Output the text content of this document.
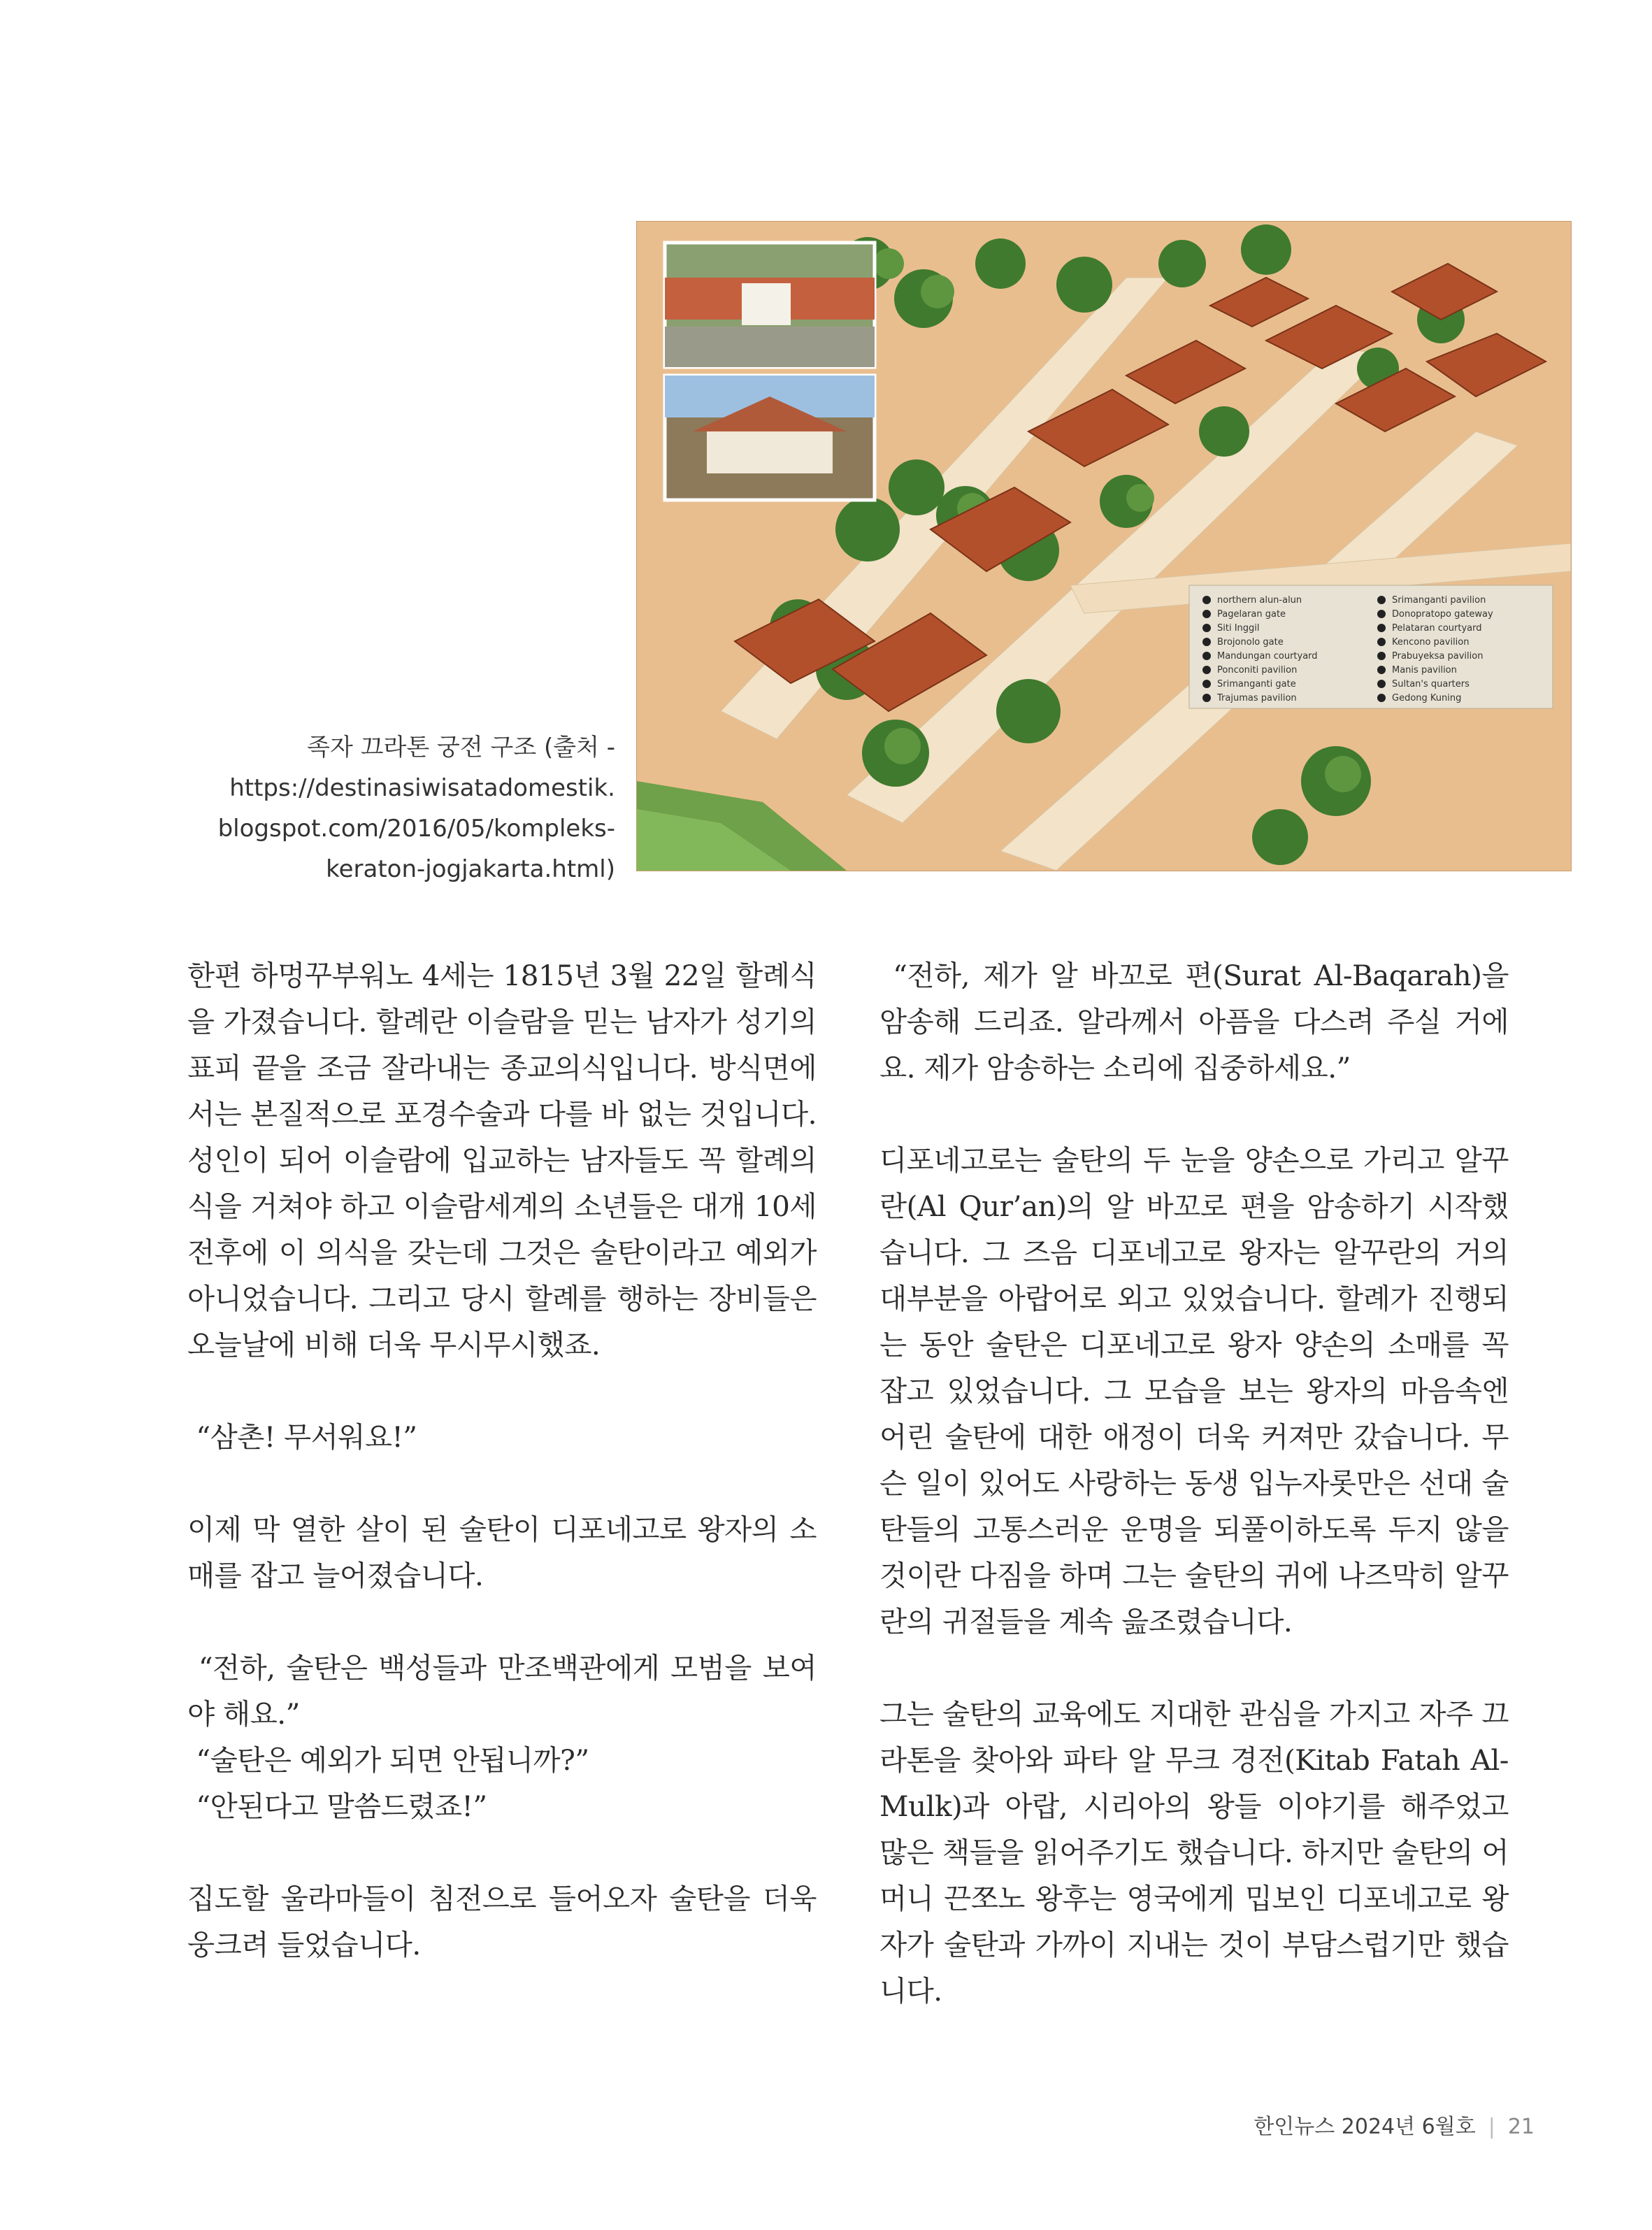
northern alun-alun
Pagelaran gate
Siti Inggil
Brojonolo gate
Mandungan courtyard
Ponconiti pavilion
Srimanganti gate
Trajumas pavilion
Srimanganti pavilion
Donopratopo gateway
Pelataran courtyard
Kencono pavilion
Prabuyeksa pavilion
Manis pavilion
Sultan's quarters
Gedong Kuning
족자 끄라톤 궁전 구조 (출처 -
https://destinasiwisatadomestik.
blogspot.com/2016/05/kompleks-
keraton-jogjakarta.html)

한편 하멍꾸부워노 4세는 1815년 3월 22일 할례식을 가졌습니다. 할례란 이슬람을 믿는 남자가 성기의 표피 끝을 조금 잘라내는 종교의식입니다. 방식면에서는 본질적으로 포경수술과 다를 바 없는 것입니다. 성인이 되어 이슬람에 입교하는 남자들도 꼭 할례의식을 거쳐야 하고 이슬람세계의 소년들은 대개 10세 전후에 이 의식을 갖는데 그것은 술탄이라고 예외가 아니었습니다. 그리고 당시 할례를 행하는 장비들은 오늘날에 비해 더욱 무시무시했죠.

“삼촌! 무서워요!”

이제 막 열한 살이 된 술탄이 디포네고로 왕자의 소매를 잡고 늘어졌습니다.

“전하, 술탄은 백성들과 만조백관에게 모범을 보여야 해요.”
“술탄은 예외가 되면 안됩니까?”
“안된다고 말씀드렸죠!”

집도할 울라마들이 침전으로 들어오자 술탄을 더욱 웅크려 들었습니다.

“전하, 제가 알 바꼬로 편(Surat Al-Baqarah)을 암송해 드리죠. 알라께서 아픔을 다스려 주실 거에요. 제가 암송하는 소리에 집중하세요.”

디포네고로는 술탄의 두 눈을 양손으로 가리고 알꾸란(Al Qur’an)의 알 바꼬로 편을 암송하기 시작했습니다. 그 즈음 디포네고로 왕자는 알꾸란의 거의 대부분을 아랍어로 외고 있었습니다. 할례가 진행되는 동안 술탄은 디포네고로 왕자 양손의 소매를 꼭 잡고 있었습니다. 그 모습을 보는 왕자의 마음속엔 어린 술탄에 대한 애정이 더욱 커져만 갔습니다. 무슨 일이 있어도 사랑하는 동생 입누자롯만은 선대 술탄들의 고통스러운 운명을 되풀이하도록 두지 않을 것이란 다짐을 하며 그는 술탄의 귀에 나즈막히 알꾸란의 귀절들을 계속 읊조렸습니다.

그는 술탄의 교육에도 지대한 관심을 가지고 자주 끄라톤을 찾아와 파타 알 무크 경전(Kitab Fatah Al-Mulk)과 아랍, 시리아의 왕들 이야기를 해주었고 많은 책들을 읽어주기도 했습니다. 하지만 술탄의 어머니 끈쪼노 왕후는 영국에게 밉보인 디포네고로 왕자가 술탄과 가까이 지내는 것이 부담스럽기만 했습니다.

한인뉴스 2024년 6월호 | 21
